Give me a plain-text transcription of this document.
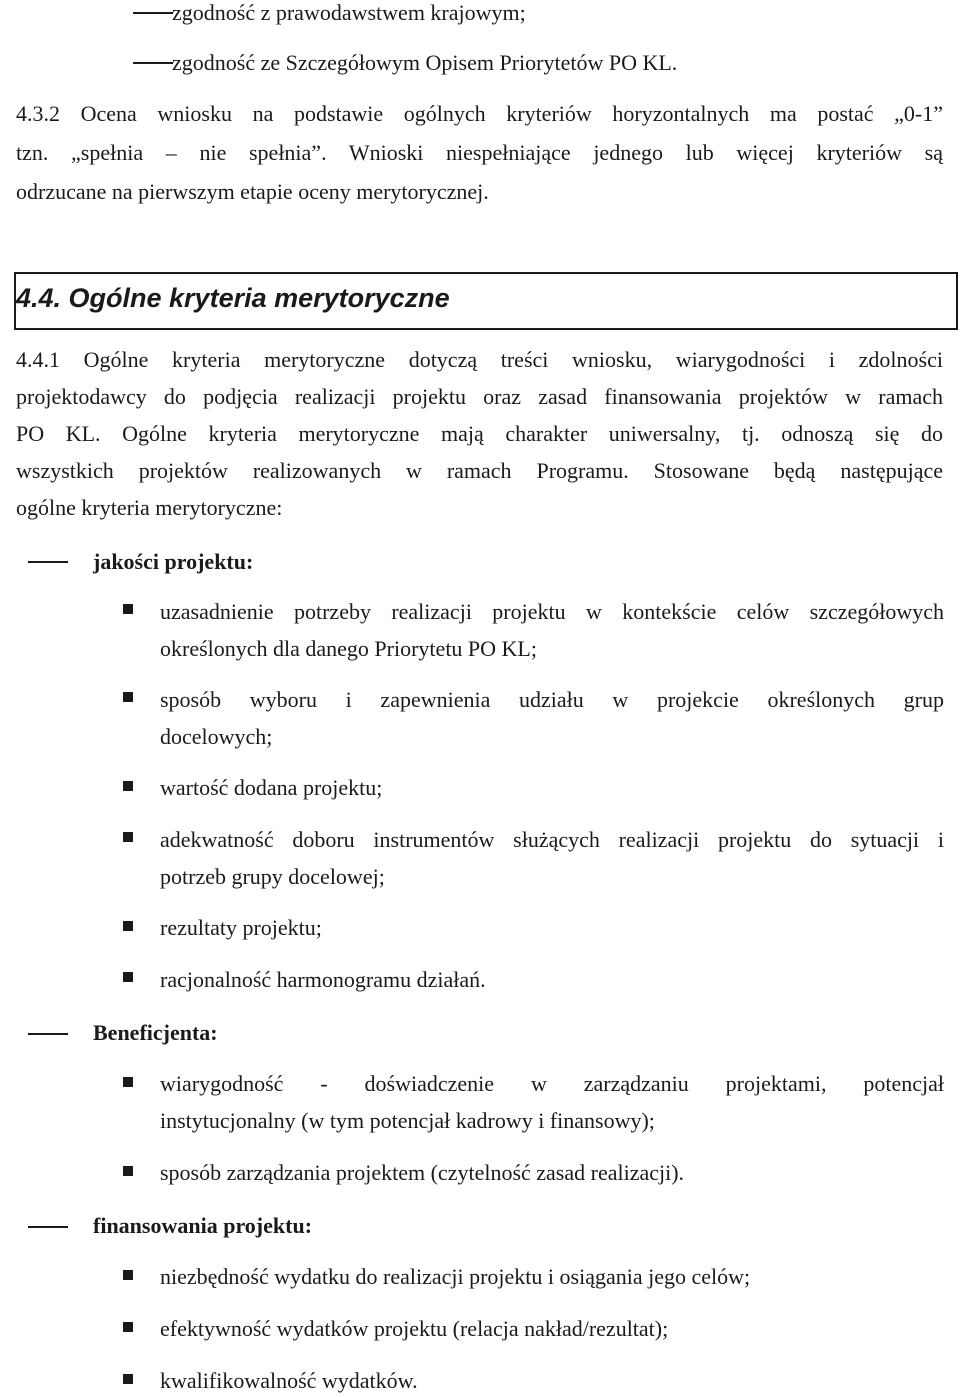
zgodność z prawodawstwem krajowym;
zgodność ze Szczegółowym Opisem Priorytetów PO KL.
4.3.2 Ocena wniosku na podstawie ogólnych kryteriów horyzontalnych ma postać „0-1”
tzn. „spełnia – nie spełnia”. Wnioski niespełniające jednego lub więcej kryteriów są
odrzucane na pierwszym etapie oceny merytorycznej.
4.4. Ogólne kryteria merytoryczne
4.4.1 Ogólne kryteria merytoryczne dotyczą treści wniosku, wiarygodności i zdolności
projektodawcy do podjęcia realizacji projektu oraz zasad finansowania projektów w ramach
PO KL. Ogólne kryteria merytoryczne mają charakter uniwersalny, tj. odnoszą się do
wszystkich projektów realizowanych w ramach Programu. Stosowane będą następujące
ogólne kryteria merytoryczne:
jakości projektu:
uzasadnienie potrzeby realizacji projektu w kontekście celów szczegółowych
określonych dla danego Priorytetu PO KL;
sposób wyboru i zapewnienia udziału w projekcie określonych grup
docelowych;
wartość dodana projektu;
adekwatność doboru instrumentów służących realizacji projektu do sytuacji i
potrzeb grupy docelowej;
rezultaty projektu;
racjonalność harmonogramu działań.
Beneficjenta:
wiarygodność - doświadczenie w zarządzaniu projektami, potencjał
instytucjonalny (w tym potencjał kadrowy i finansowy);
sposób zarządzania projektem (czytelność zasad realizacji).
finansowania projektu:
niezbędność wydatku do realizacji projektu i osiągania jego celów;
efektywność wydatków projektu (relacja nakład/rezultat);
kwalifikowalność wydatków.
